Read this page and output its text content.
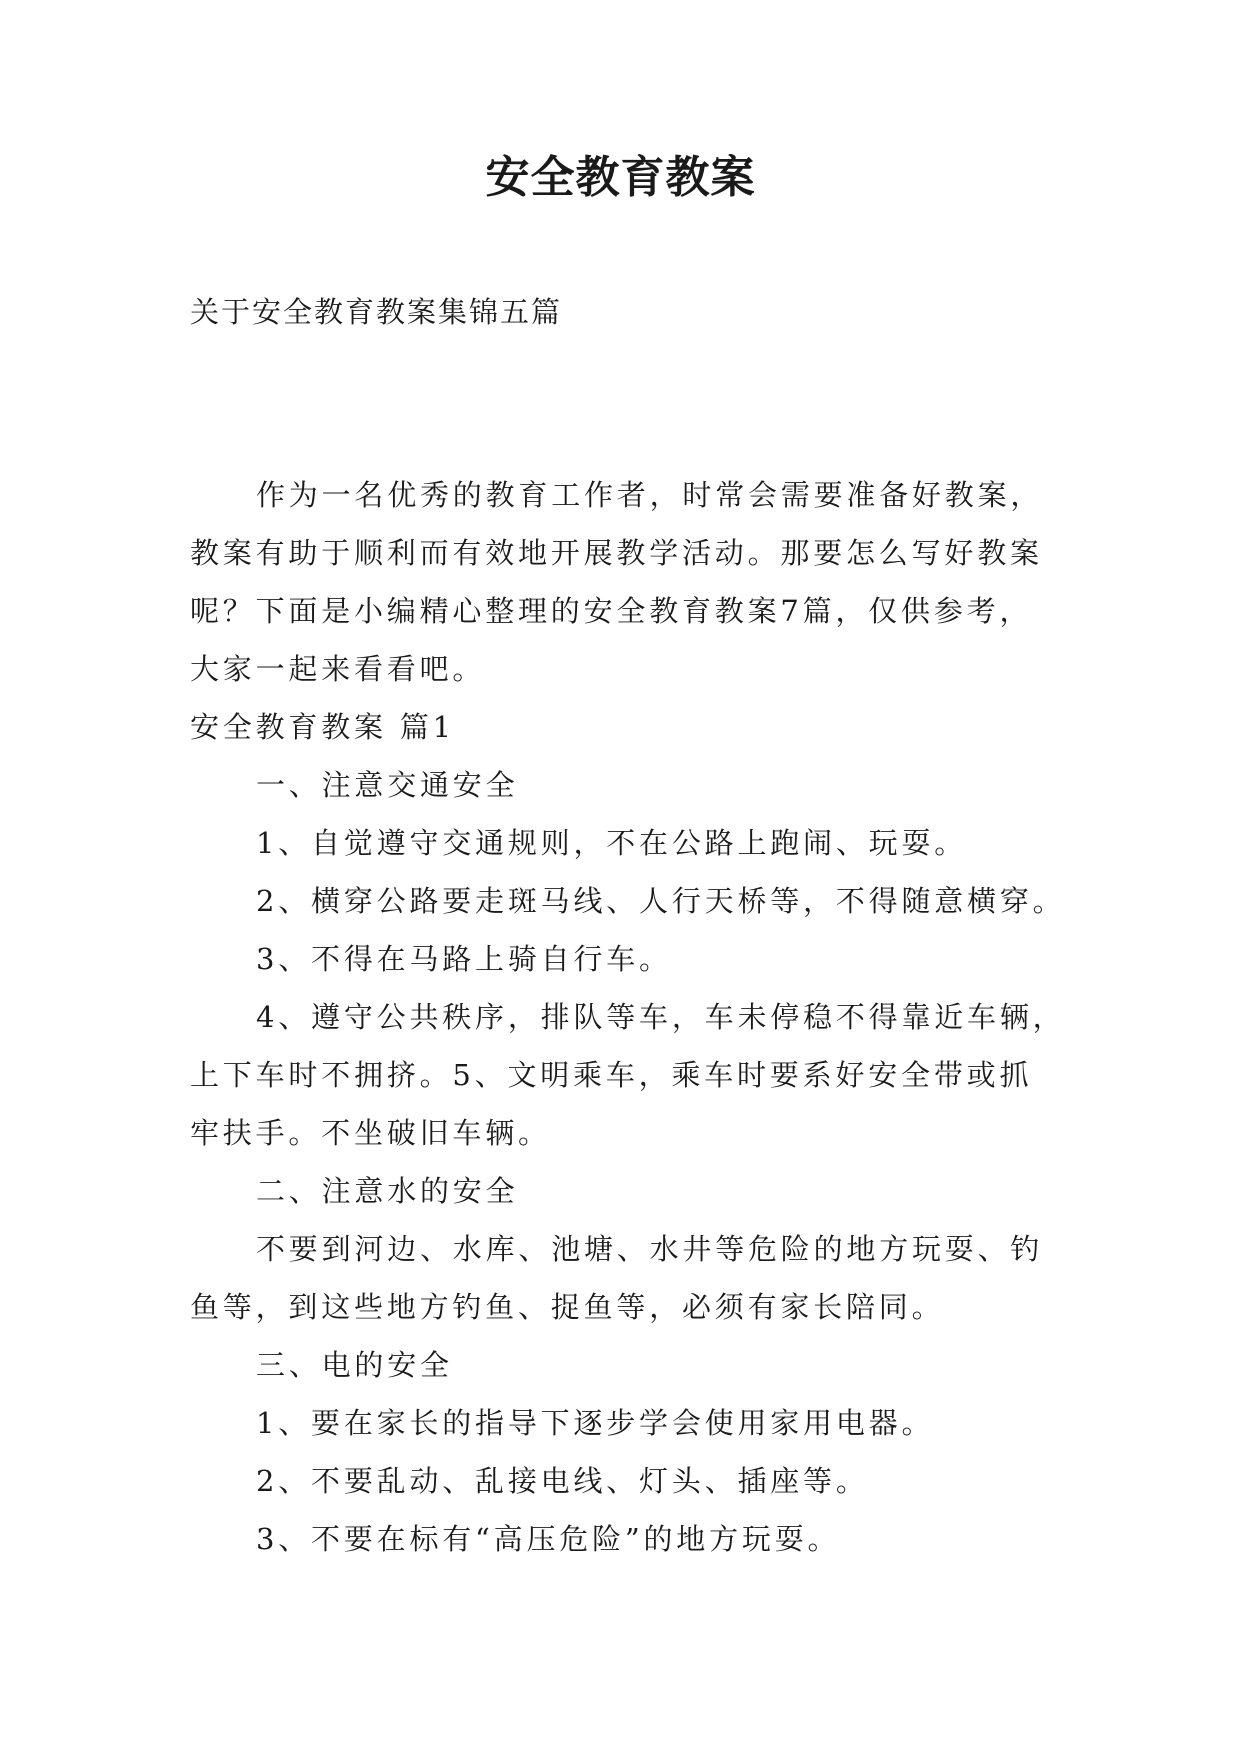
安全教育教案
关于安全教育教案集锦五篇
作为一名优秀的教育工作者，时常会需要准备好教案，
教案有助于顺利而有效地开展教学活动。那要怎么写好教案
呢？下面是小编精心整理的安全教育教案7篇，仅供参考，
大家一起来看看吧。
安全教育教案 篇1
一、注意交通安全
1、自觉遵守交通规则，不在公路上跑闹、玩耍。
2、横穿公路要走斑马线、人行天桥等，不得随意横穿。
3、不得在马路上骑自行车。
4、遵守公共秩序，排队等车，车未停稳不得靠近车辆，
上下车时不拥挤。5、文明乘车，乘车时要系好安全带或抓
牢扶手。不坐破旧车辆。
二、注意水的安全
不要到河边、水库、池塘、水井等危险的地方玩耍、钓
鱼等，到这些地方钓鱼、捉鱼等，必须有家长陪同。
三、电的安全
1、要在家长的指导下逐步学会使用家用电器。
2、不要乱动、乱接电线、灯头、插座等。
3、不要在标有“高压危险”的地方玩耍。
